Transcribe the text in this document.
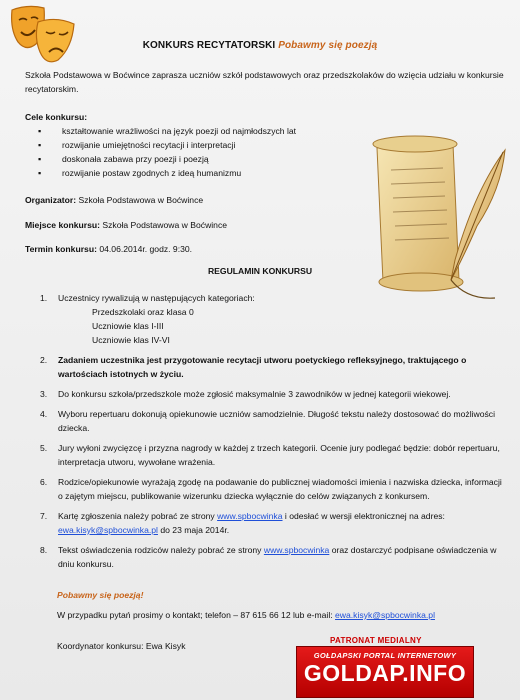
KONKURS RECYTATORSKI Pobawmy się poezją
Szkoła Podstawowa w Boćwince zaprasza uczniów szkół podstawowych oraz przedszkolaków do wzięcia udziału w konkursie recytatorskim.
Cele konkursu:
▪ kształtowanie wrażliwości na język poezji od najmłodszych lat
▪ rozwijanie umiejętności recytacji i interpretacji
▪ doskonała zabawa przy poezji i poezją
▪ rozwijanie postaw zgodnych z ideą humanizmu
Organizator: Szkoła Podstawowa w Boćwince
Miejsce konkursu: Szkoła Podstawowa w Boćwince
Termin konkursu: 04.06.2014r. godz. 9:30.
REGULAMIN KONKURSU
1. Uczestnicy rywalizują w następujących kategoriach:
Przedszkolaki oraz klasa 0
Uczniowie klas I-III
Uczniowie klas IV-VI
2. Zadaniem uczestnika jest przygotowanie recytacji utworu poetyckiego refleksyjnego, traktującego o wartościach istotnych w życiu.
3. Do konkursu szkoła/przedszkole może zgłosić maksymalnie 3 zawodników w jednej kategorii wiekowej.
4. Wyboru repertuaru dokonują opiekunowie uczniów samodzielnie. Długość tekstu należy dostosować do możliwości dziecka.
5. Jury wyłoni zwycięzcę i przyzna nagrody w każdej z trzech kategorii. Ocenie jury podlegać będzie: dobór repertuaru, interpretacja utworu, wywołane wrażenia.
6. Rodzice/opiekunowie wyrażają zgodę na podawanie do publicznej wiadomości imienia i nazwiska dziecka, informacji o zajętym miejscu, publikowanie wizerunku dziecka wyłącznie do celów związanych z konkursem.
7. Kartę zgłoszenia należy pobrać ze strony www.spbocwinka i odesłać w wersji elektronicznej na adres: ewa.kisyk@spbocwinka.pl do 23 maja 2014r.
8. Tekst oświadczenia rodziców należy pobrać ze strony www.spbocwinka oraz dostarczyć podpisane oświadczenia w dniu konkursu.
Pobawmy się poezją!
W przypadku pytań prosimy o kontakt; telefon – 87 615 66 12 lub e-mail: ewa.kisyk@spbocwinka.pl
Koordynator konkursu: Ewa Kisyk
PATRONAT MEDIALNY
GOŁDAPSKI PORTAL INTERNETOWY
GOLDAP.INFO
